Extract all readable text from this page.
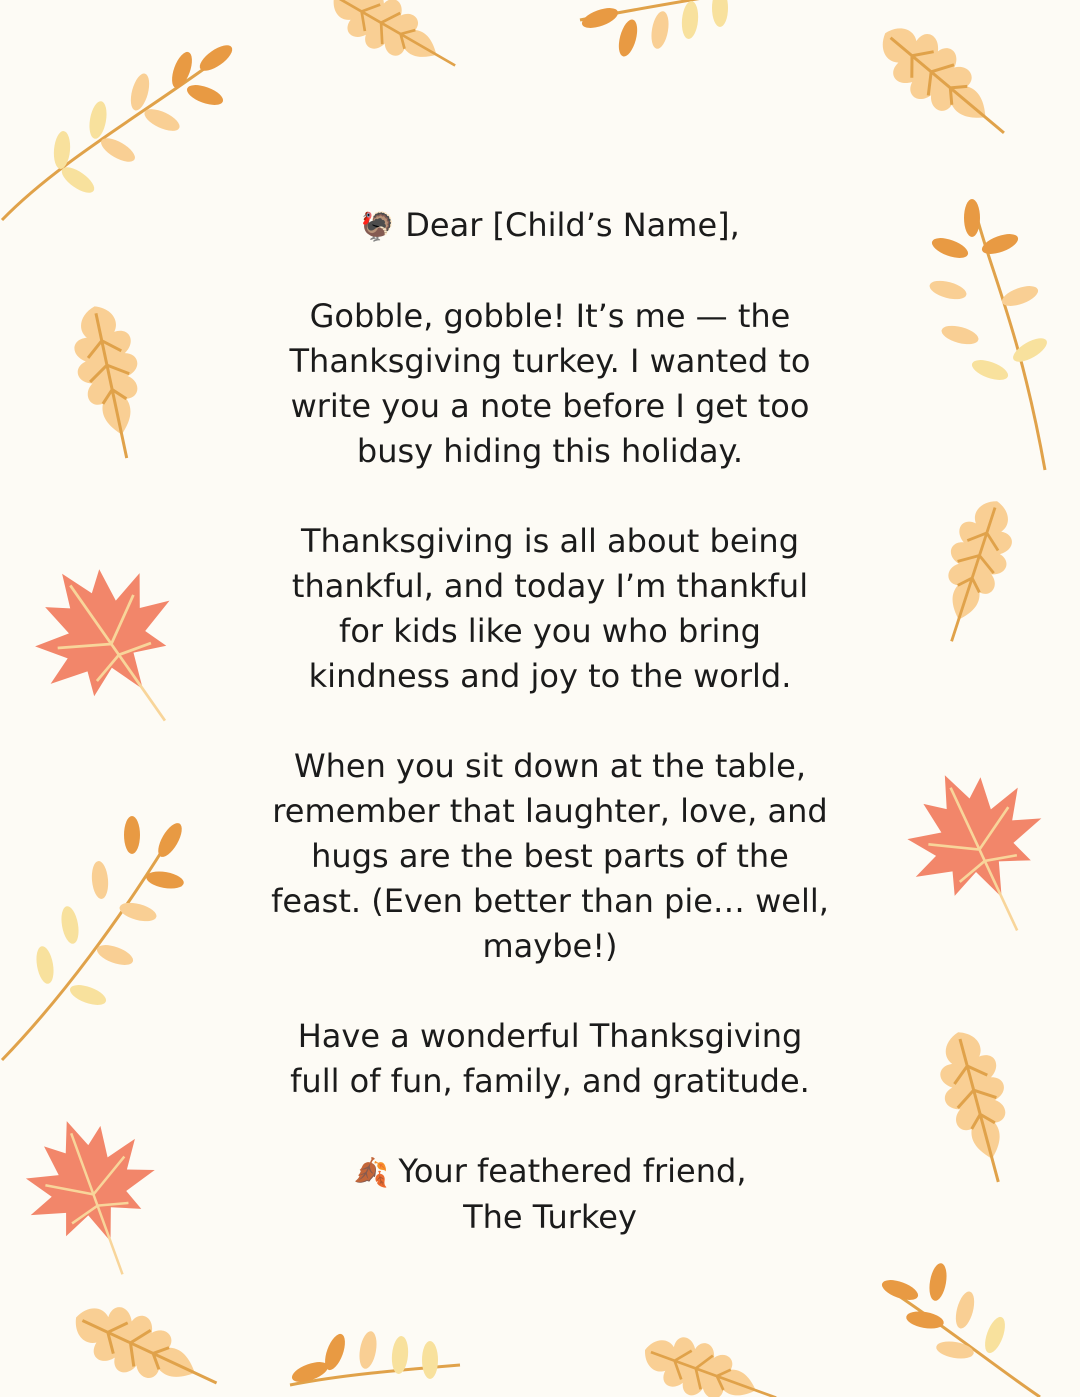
🦃 Dear [Child’s Name],

Gobble, gobble! It’s me — the
Thanksgiving turkey. I wanted to
write you a note before I get too
busy hiding this holiday.

Thanksgiving is all about being
thankful, and today I’m thankful
for kids like you who bring
kindness and joy to the world.

When you sit down at the table,
remember that laughter, love, and
hugs are the best parts of the
feast. (Even better than pie… well,
maybe!)

Have a wonderful Thanksgiving
full of fun, family, and gratitude.

🍂 Your feathered friend,
The Turkey
